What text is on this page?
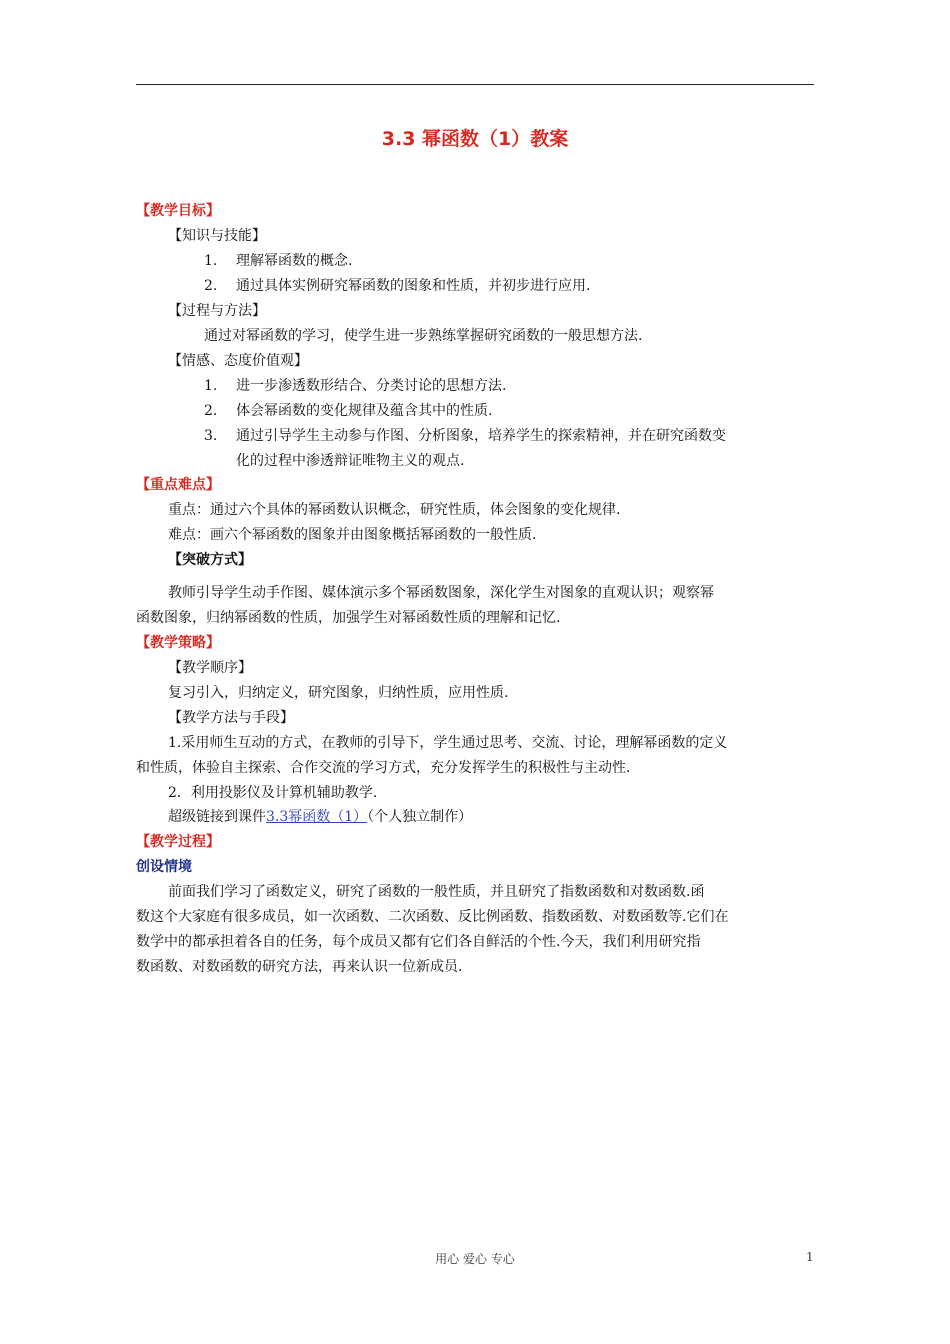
3.3 幂函数（1）教案
【教学目标】
【知识与技能】
1. 理解幂函数的概念.
2. 通过具体实例研究幂函数的图象和性质，并初步进行应用.
【过程与方法】
通过对幂函数的学习，使学生进一步熟练掌握研究函数的一般思想方法.
【情感、态度价值观】
1. 进一步渗透数形结合、分类讨论的思想方法.
2. 体会幂函数的变化规律及蕴含其中的性质.
3. 通过引导学生主动参与作图、分析图象，培养学生的探索精神，并在研究函数变
化的过程中渗透辩证唯物主义的观点.
【重点难点】
重点：通过六个具体的幂函数认识概念，研究性质，体会图象的变化规律.
难点：画六个幂函数的图象并由图象概括幂函数的一般性质.
【突破方式】
教师引导学生动手作图、媒体演示多个幂函数图象，深化学生对图象的直观认识；观察幂
函数图象，归纳幂函数的性质，加强学生对幂函数性质的理解和记忆.
【教学策略】
【教学顺序】
复习引入，归纳定义，研究图象，归纳性质，应用性质.
【教学方法与手段】
1.采用师生互动的方式，在教师的引导下，学生通过思考、交流、讨论，理解幂函数的定义
和性质，体验自主探索、合作交流的学习方式，充分发挥学生的积极性与主动性.
2．利用投影仪及计算机辅助教学.
超级链接到课件3.3幂函数（1）（个人独立制作）
【教学过程】
创设情境
前面我们学习了函数定义，研究了函数的一般性质，并且研究了指数函数和对数函数.函
数这个大家庭有很多成员，如一次函数、二次函数、反比例函数、指数函数、对数函数等.它们在
数学中的都承担着各自的任务，每个成员又都有它们各自鲜活的个性.今天，我们利用研究指
数函数、对数函数的研究方法，再来认识一位新成员.
用心 爱心 专心	1
